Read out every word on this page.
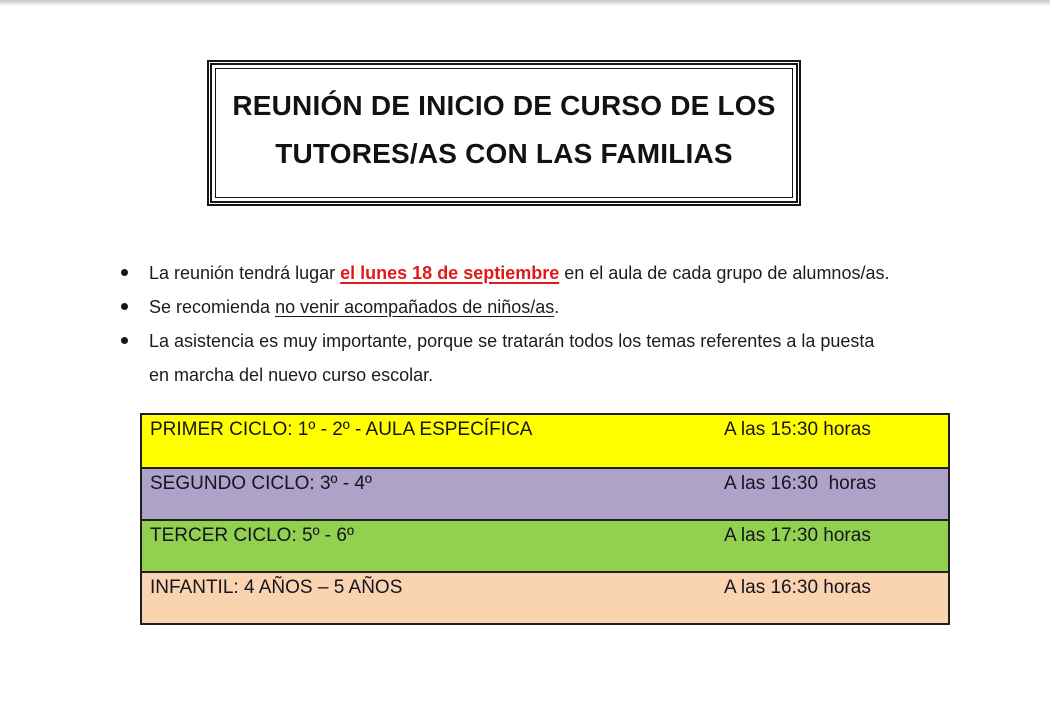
REUNIÓN DE INICIO DE CURSO DE LOS
TUTORES/AS CON LAS FAMILIAS
La reunión tendrá lugar el lunes 18 de septiembre en el aula de cada grupo de alumnos/as.
Se recomienda no venir acompañados de niños/as.
La asistencia es muy importante, porque se tratarán todos los temas referentes a la puesta
en marcha del nuevo curso escolar.
PRIMER CICLO: 1º - 2º - AULA ESPECÍFICA	A las 15:30 horas
SEGUNDO CICLO: 3º - 4º	A las 16:30  horas
TERCER CICLO: 5º - 6º	A las 17:30 horas
INFANTIL: 4 AÑOS – 5 AÑOS	A las 16:30 horas
